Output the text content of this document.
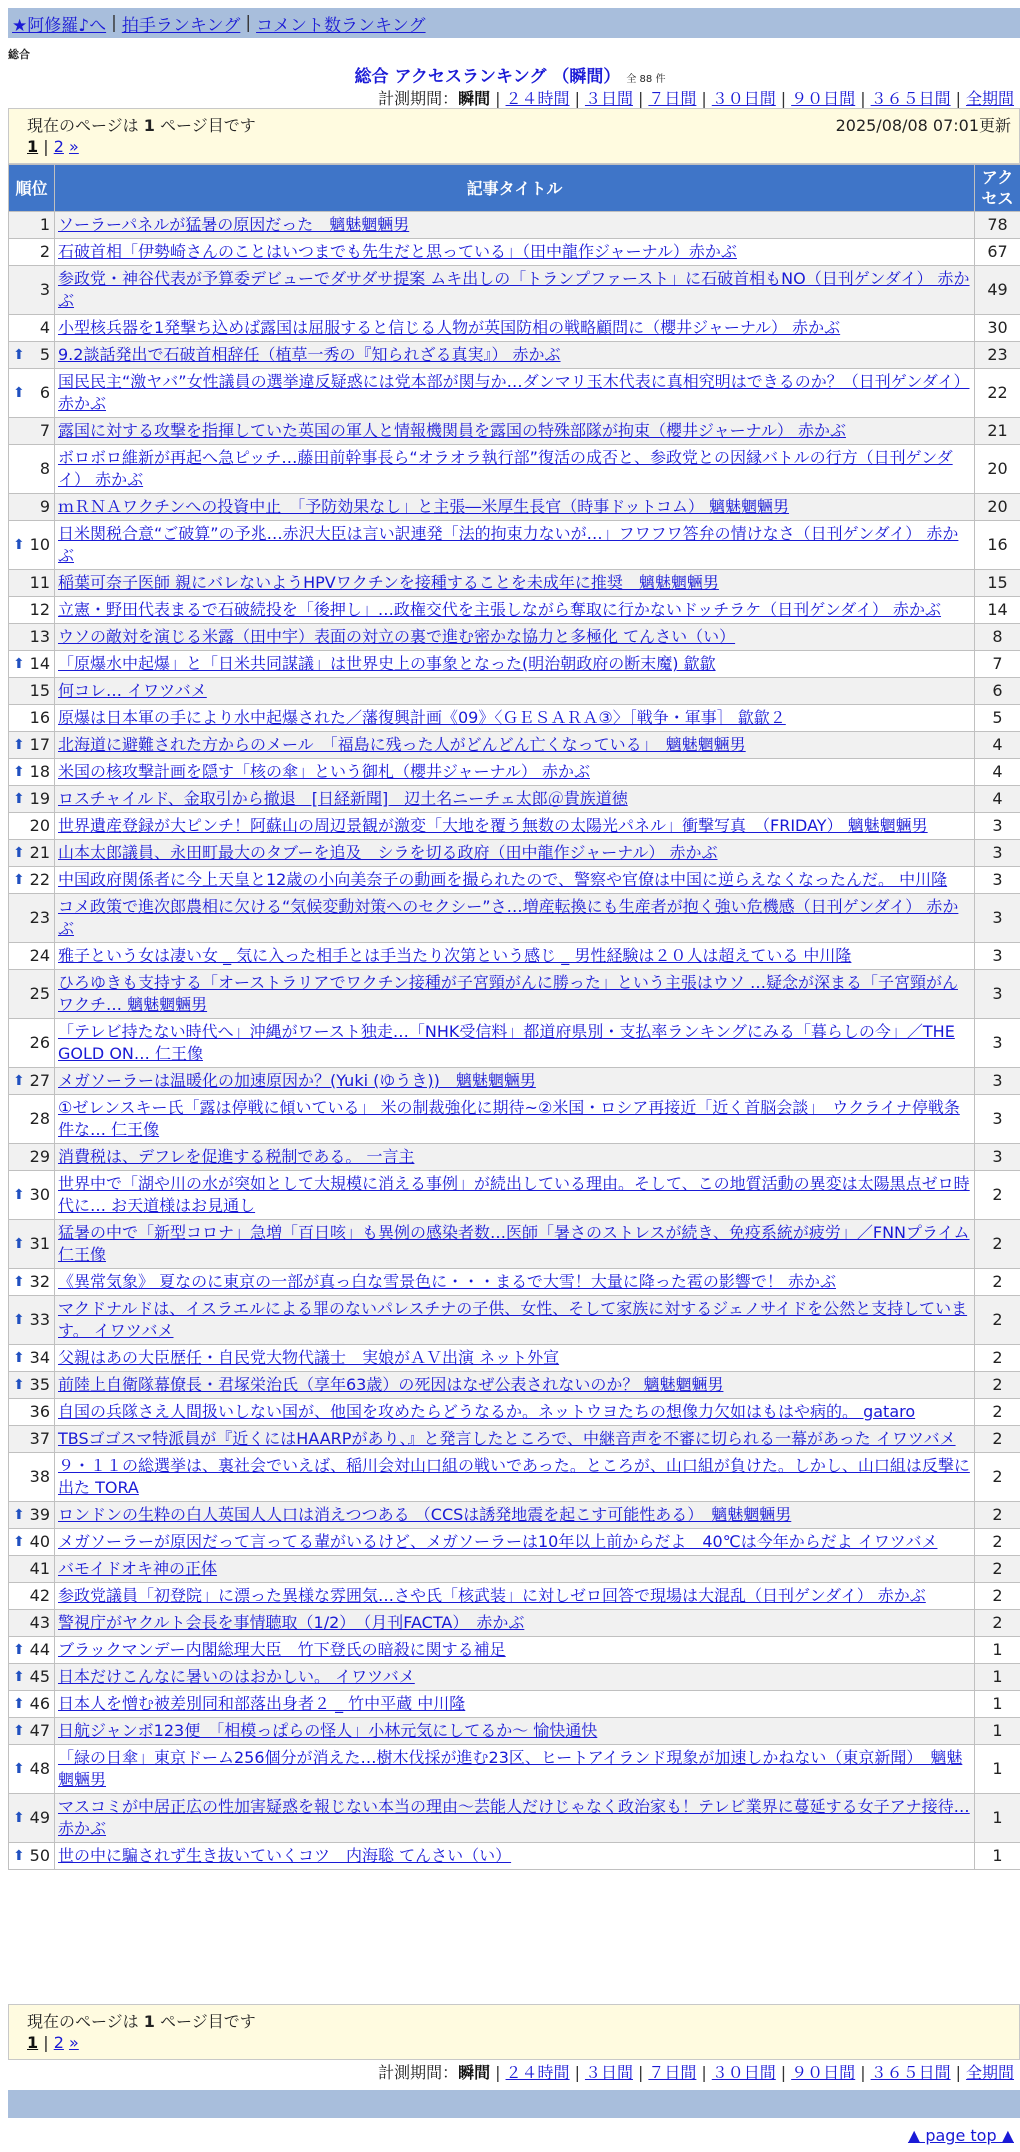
★阿修羅♪へ | 拍手ランキング | コメント数ランキング
総合
総合 アクセスランキング （瞬間） 全 88 件
計測期間：瞬間 | ２４時間 | ３日間 | ７日間 | ３０日間 | ９０日間 | ３６５日間 | 全期間
現在のページは 1 ページ目です	2025/08/08 07:01更新
1 | 2 »
順位	記事タイトル	アクセス
1	ソーラーパネルが猛暑の原因だった　魑魅魍魎男	78
2	石破首相「伊勢崎さんのことはいつまでも先生だと思っている」（田中龍作ジャーナル）赤かぶ	67
3	参政党・神谷代表が予算委デビューでダサダサ提案 ムキ出しの「トランプファースト」に石破首相もNO（日刊ゲンダイ） 赤かぶ	49
4	小型核兵器を1発撃ち込めば露国は屈服すると信じる人物が英国防相の戦略顧問に（櫻井ジャーナル） 赤かぶ	30

⬆ 5	9.2談話発出で石破首相辞任（植草一秀の『知られざる真実』） 赤かぶ	23

⬆ 6	国民民主“激ヤバ”女性議員の選挙違反疑惑には党本部が関与か…ダンマリ玉木代表に真相究明はできるのか？（日刊ゲンダイ） 赤かぶ	22
7	露国に対する攻撃を指揮していた英国の軍人と情報機関員を露国の特殊部隊が拘束（櫻井ジャーナル） 赤かぶ	21
8	ボロボロ維新が再起へ急ピッチ…藤田前幹事長ら“オラオラ執行部”復活の成否と、参政党との因縁バトルの行方（日刊ゲンダイ） 赤かぶ	20
9	ｍＲＮＡワクチンへの投資中止　「予防効果なし」と主張―米厚生長官（時事ドットコム） 魑魅魍魎男	20

⬆ 10	日米関税合意“ご破算”の予兆…赤沢大臣は言い訳連発「法的拘束力ないが…」フワフワ答弁の情けなさ（日刊ゲンダイ） 赤かぶ	16
11	稲葉可奈子医師 親にバレないようHPVワクチンを接種することを未成年に推奨　魑魅魍魎男	15
12	立憲・野田代表まるで石破続投を「後押し」…政権交代を主張しながら奪取に行かないドッチラケ（日刊ゲンダイ） 赤かぶ	14
13	ウソの敵対を演じる米露（田中宇）表面の対立の裏で進む密かな協力と多極化 てんさい（い）	8

⬆ 14	「原爆水中起爆」と「日米共同謀議」は世界史上の事象となった(明治朝政府の断末魔) 歙歙	7
15	何コレ… イワツバメ	6
16	原爆は日本軍の手により水中起爆された／藩復興計画《09》〈ＧＥＳＡＲＡ③〉［戦争・軍事］ 歙歙２	5

⬆ 17	北海道に避難された方からのメール　「福島に残った人がどんどん亡くなっている」　魑魅魍魎男	4

⬆ 18	米国の核攻撃計画を隠す「核の傘」という御札（櫻井ジャーナル） 赤かぶ	4

⬆ 19	ロスチャイルド、金取引から撤退　[日経新聞]　辺土名ニーチェ太郎＠貴族道徳	4
20	世界遺産登録が大ピンチ！阿蘇山の周辺景観が激変「大地を覆う無数の太陽光パネル」衝撃写真　（FRIDAY） 魑魅魍魎男	3

⬆ 21	山本太郎議員、永田町最大のタブーを追及　シラを切る政府（田中龍作ジャーナル） 赤かぶ	3

⬆ 22	中国政府関係者に今上天皇と12歳の小向美奈子の動画を撮られたので、警察や官僚は中国に逆らえなくなったんだ。 中川隆	3
23	コメ政策で進次郎農相に欠ける“気候変動対策へのセクシー”さ…増産転換にも生産者が抱く強い危機感（日刊ゲンダイ） 赤かぶ	3
24	雅子という女は凄い女 _ 気に入った相手とは手当たり次第という感じ _ 男性経験は２０人は超えている 中川隆	3
25	ひろゆきも支持する「オーストラリアでワクチン接種が子宮頸がんに勝った」という主張はウソ …疑念が深まる「子宮頸がんワクチ… 魑魅魍魎男	3
26	「テレビ持たない時代へ」沖縄がワースト独走…「NHK受信料」都道府県別・支払率ランキングにみる「暮らしの今」／THE GOLD ON… 仁王像	3

⬆ 27	メガソーラーは温暖化の加速原因か？(Yuki (ゆうき))　魑魅魍魎男	3
28	①ゼレンスキー氏「露は停戦に傾いている」 米の制裁強化に期待~②米国・ロシア再接近「近く首脳会談」　ウクライナ停戦条件な… 仁王像	3
29	消費税は、デフレを促進する税制である。 一言主	3

⬆ 30	世界中で「湖や川の水が突如として大規模に消える事例」が続出している理由。そして、この地質活動の異変は太陽黒点ゼロ時代に… お天道様はお見通し	2

⬆ 31	猛暑の中で「新型コロナ」急増「百日咳」も異例の感染者数…医師「暑さのストレスが続き、免疫系統が疲労」／FNNプライム 仁王像	2

⬆ 32	《異常気象》 夏なのに東京の一部が真っ白な雪景色に・・・まるで大雪！大量に降った雹の影響で！ 赤かぶ	2

⬆ 33	マクドナルドは、イスラエルによる罪のないパレスチナの子供、女性、そして家族に対するジェノサイドを公然と支持しています。 イワツバメ	2

⬆ 34	父親はあの大臣歴任・自民党大物代議士　実娘がＡＶ出演 ネット外宣	2

⬆ 35	前陸上自衛隊幕僚長・君塚栄治氏（享年63歳）の死因はなぜ公表されないのか？ 魑魅魍魎男	2
36	自国の兵隊さえ人間扱いしない国が、他国を攻めたらどうなるか。ネットウヨたちの想像力欠如はもはや病的。 gataro	2
37	TBSゴゴスマ特派員が『近くにはHAARPがあり、』と発言したところで、中継音声を不審に切られる一幕があった イワツバメ	2
38	９・１１の総選挙は、裏社会でいえば、稲川会対山口組の戦いであった。ところが、山口組が負けた。しかし、山口組は反撃に出た TORA	2

⬆ 39	ロンドンの生粋の白人英国人人口は消えつつある （CCSは誘発地震を起こす可能性ある）　魑魅魍魎男	2

⬆ 40	メガソーラーが原因だって言ってる輩がいるけど、メガソーラーは10年以上前からだよ　40℃は今年からだよ イワツバメ	2
41	バモイドオキ神の正体	2
42	参政党議員「初登院」に漂った異様な雰囲気…さや氏「核武装」に対しゼロ回答で現場は大混乱（日刊ゲンダイ） 赤かぶ	2
43	警視庁がヤクルト会長を事情聴取（1/2）　（月刊FACTA）　赤かぶ	2

⬆ 44	ブラックマンデー内閣総理大臣　竹下登氏の暗殺に関する補足	1

⬆ 45	日本だけこんなに暑いのはおかしい。 イワツバメ	1

⬆ 46	日本人を憎む被差別同和部落出身者２ _ 竹中平蔵 中川隆	1

⬆ 47	日航ジャンボ123便　「相模っぱらの怪人」小林元気にしてるか～ 愉快通快	1

⬆ 48	「緑の日傘」東京ドーム256個分が消えた…樹木伐採が進む23区、ヒートアイランド現象が加速しかねない（東京新聞）　魑魅魍魎男	1

⬆ 49	マスコミが中居正広の性加害疑惑を報じない本当の理由～芸能人だけじゃなく政治家も！テレビ業界に蔓延する女子アナ接待… 赤かぶ	1

⬆ 50	世の中に騙されず生き抜いていくコツ　内海聡 てんさい（い）	1
現在のページは 1 ページ目です
1 | 2 »
計測期間：瞬間 | ２４時間 | ３日間 | ７日間 | ３０日間 | ９０日間 | ３６５日間 | 全期間
▲ page top ▲
